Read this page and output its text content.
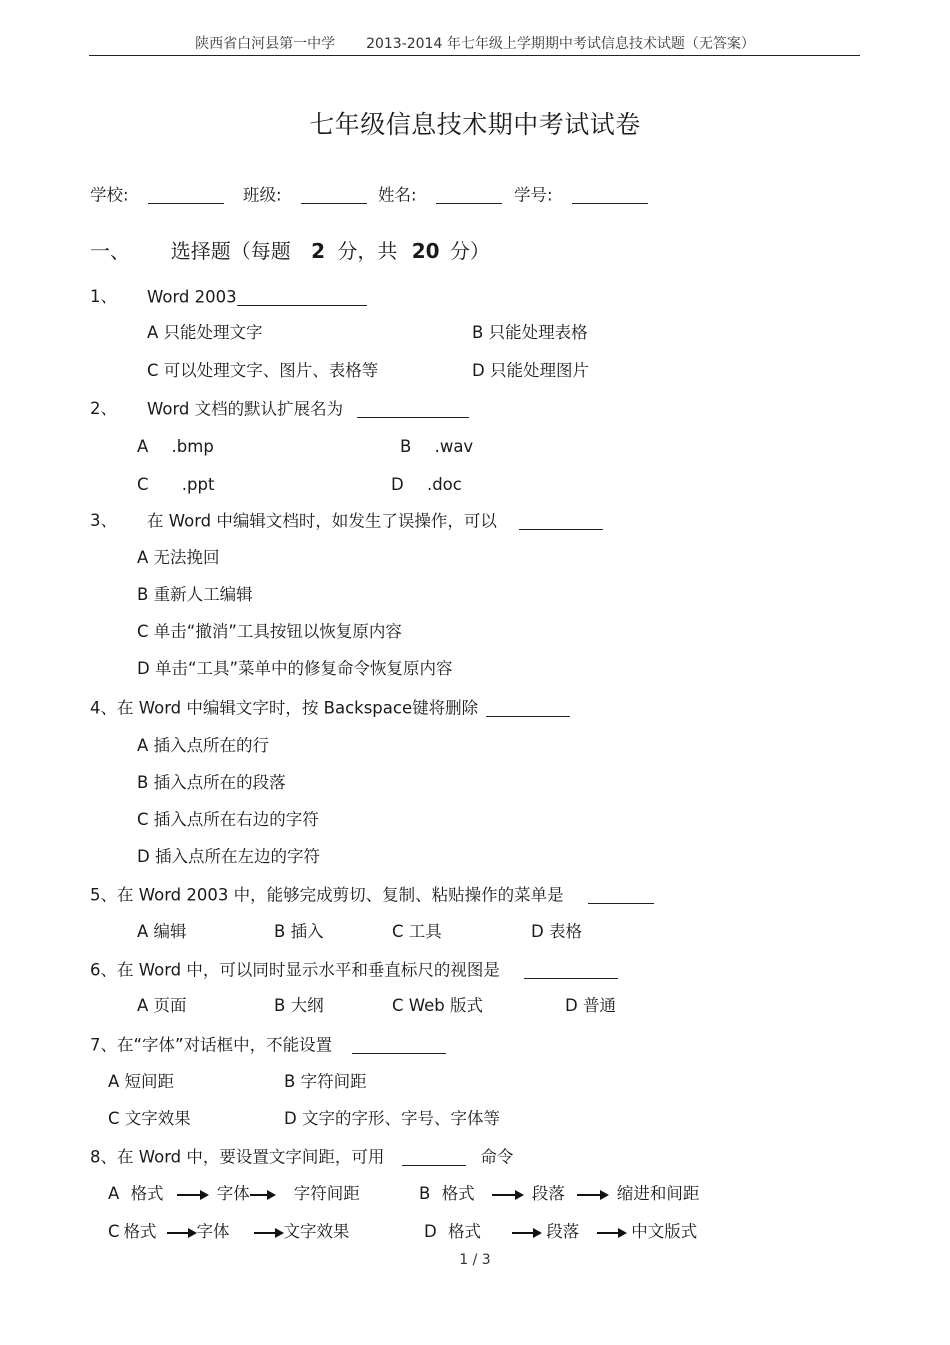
陕西省白河县第一中学 2013-2014 年七年级上学期期中考试信息技术试题（无答案）
七年级信息技术期中考试试卷
学校:	班级:	姓名:	学号:
一、 选择题（每题 2 分，共 20 分）
1、 Word 2003
A 只能处理文字	B 只能处理表格
C 可以处理文字、图片、表格等	D 只能处理图片
2、 Word 文档的默认扩展名为
A .bmp	B .wav
C .ppt	D .doc
3、 在 Word 中编辑文档时，如发生了误操作，可以
A 无法挽回
B 重新人工编辑
C 单击“撤消”工具按钮以恢复原内容
D 单击“工具”菜单中的修复命令恢复原内容
4、在 Word 中编辑文字时，按 Backspace键将删除
A 插入点所在的行
B 插入点所在的段落
C 插入点所在右边的字符
D 插入点所在左边的字符
5、在 Word 2003 中，能够完成剪切、复制、粘贴操作的菜单是
A 编辑	B 插入	C 工具	D 表格
6、在 Word 中，可以同时显示水平和垂直标尺的视图是
A 页面	B 大纲	C Web 版式	D 普通
7、在“字体”对话框中，不能设置
A 短间距	B 字符间距
C 文字效果	D 文字的字形、字号、字体等
8、在 Word 中，要设置文字间距，可用	命令
A 格式	字体	字符间距	B 格式	段落	缩进和间距
C 格式 字体	文字效果	D 格式	段落	中文版式
1 / 3
